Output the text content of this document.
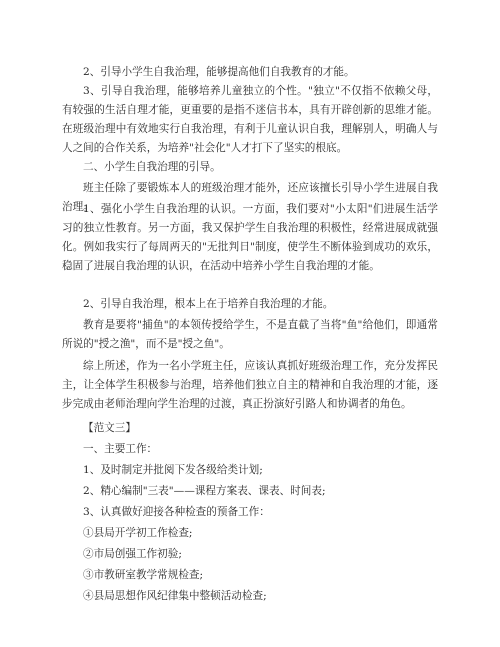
2、引导小学生自我治理，能够提高他们自我教育的才能。

3、引导自我治理，能够培养儿童独立的个性。"独立"不仅指不依赖父母，有较强的生活自理才能，更重要的是指不迷信书本，具有开辟创新的思维才能。在班级治理中有效地实行自我治理，有利于儿童认识自我，理解别人，明确人与人之间的合作关系，为培养"社会化"人才打下了坚实的根底。

二、小学生自我治理的引导。

班主任除了要锻炼本人的班级治理才能外，还应该擅长引导小学生进展自我治理。

1、强化小学生自我治理的认识。一方面，我们要对"小太阳"们进展生活学习的独立性教育。另一方面，我又保护学生自我治理的积极性，经常进展成就强化。例如我实行了每周两天的"无批判日"制度，使学生不断体验到成功的欢乐，稳固了进展自我治理的认识，在活动中培养小学生自我治理的才能。

2、引导自我治理，根本上在于培养自我治理的才能。

教育是要将"捕鱼"的本领传授给学生，不是直截了当将"鱼"给他们，即通常所说的"授之渔"，而不是"授之鱼"。

综上所述，作为一名小学班主任，应该认真抓好班级治理工作，充分发挥民主，让全体学生积极参与治理，培养他们独立自主的精神和自我治理的才能，逐步完成由老师治理向学生治理的过渡，真正扮演好引路人和协调者的角色。

【范文三】

一、主要工作：

1、及时制定并批阅下发各级给类计划;

2、精心编制"三表"——课程方案表、课表、时间表;

3、认真做好迎接各种检查的预备工作：

①县局开学初工作检查;

②市局创强工作初验;

③市教研室教学常规检查;

④县局思想作风纪律集中整顿活动检查;
